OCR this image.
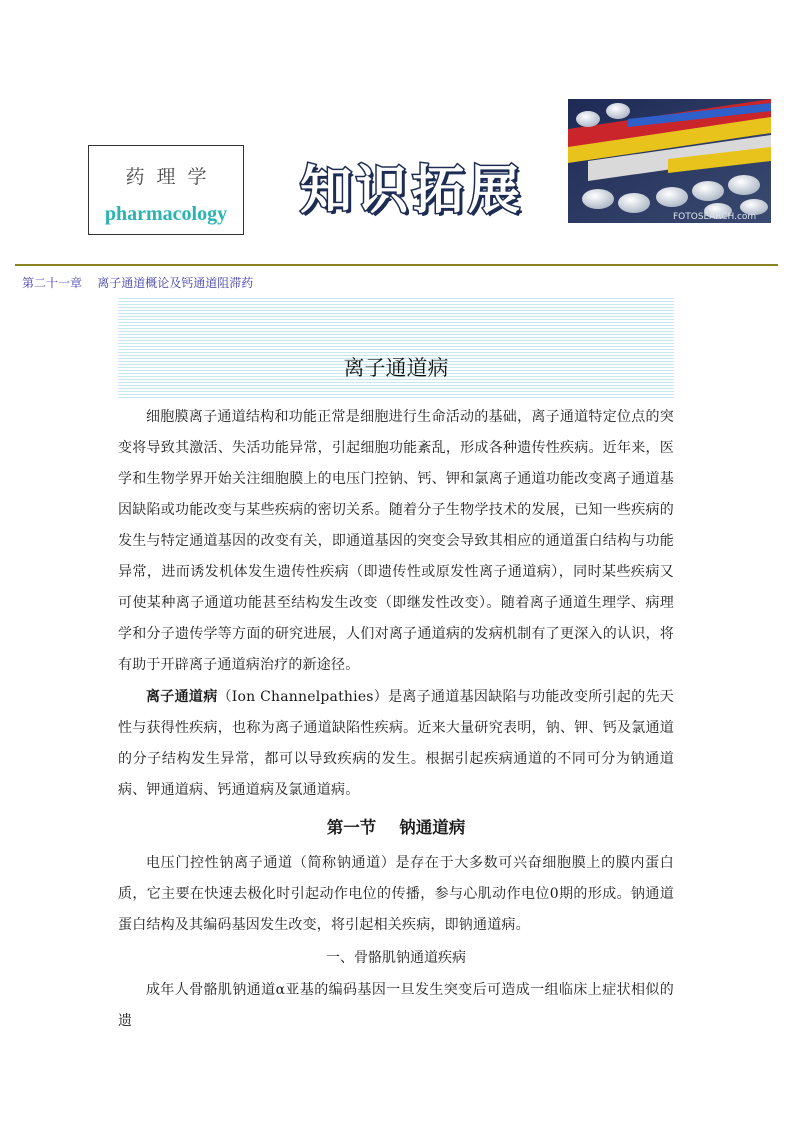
药理学
pharmacology	知识拓展	FOTOSEARCH.com
第二十一章    离子通道概论及钙通道阻滞药
离子通道病

细胞膜离子通道结构和功能正常是细胞进行生命活动的基础，离子通道特定位点的突变将导致其激活、失活功能异常，引起细胞功能紊乱，形成各种遗传性疾病。近年来，医学和生物学界开始关注细胞膜上的电压门控钠、钙、钾和氯离子通道功能改变离子通道基因缺陷或功能改变与某些疾病的密切关系。随着分子生物学技术的发展，已知一些疾病的发生与特定通道基因的改变有关，即通道基因的突变会导致其相应的通道蛋白结构与功能异常，进而诱发机体发生遗传性疾病（即遗传性或原发性离子通道病），同时某些疾病又可使某种离子通道功能甚至结构发生改变（即继发性改变）。随着离子通道生理学、病理学和分子遗传学等方面的研究进展，人们对离子通道病的发病机制有了更深入的认识，将有助于开辟离子通道病治疗的新途径。

离子通道病（Ion Channelpathies）是离子通道基因缺陷与功能改变所引起的先天性与获得性疾病，也称为离子通道缺陷性疾病。近来大量研究表明，钠、钾、钙及氯通道的分子结构发生异常，都可以导致疾病的发生。根据引起疾病通道的不同可分为钠通道病、钾通道病、钙通道病及氯通道病。

第一节    钠通道病

电压门控性钠离子通道（简称钠通道）是存在于大多数可兴奋细胞膜上的膜内蛋白质，它主要在快速去极化时引起动作电位的传播，参与心肌动作电位0期的形成。钠通道蛋白结构及其编码基因发生改变，将引起相关疾病，即钠通道病。

一、骨骼肌钠通道疾病

成年人骨骼肌钠通道α亚基的编码基因一旦发生突变后可造成一组临床上症状相似的遗
